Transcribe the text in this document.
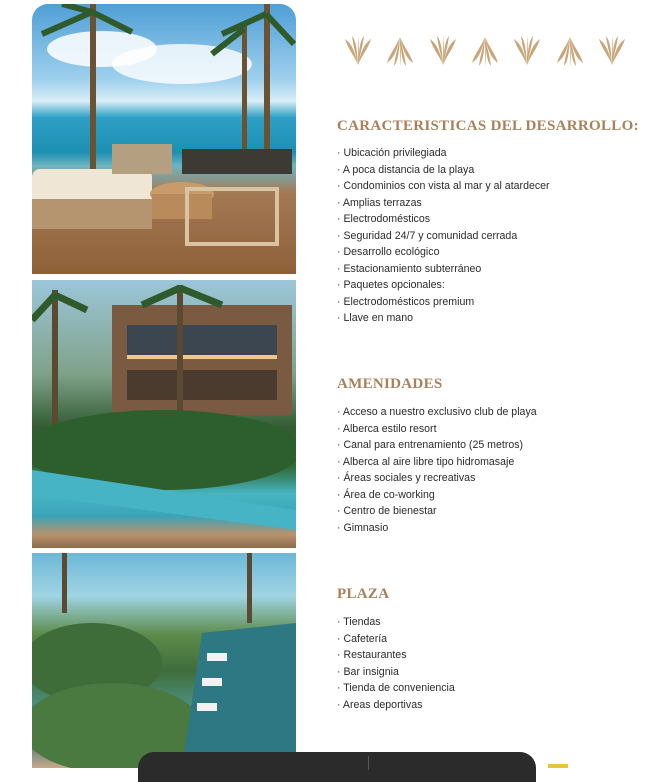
CARACTERISTICAS DEL DESARROLLO:
· Ubicación privilegiada
· A poca distancia de la playa
· Condominios con vista al mar y al atardecer
· Amplias terrazas
· Electrodomésticos
· Seguridad 24/7 y comunidad cerrada
· Desarrollo ecológico
· Estacionamiento subterráneo
· Paquetes opcionales:
· Electrodomésticos premium
· Llave en mano
AMENIDADES
· Acceso a nuestro exclusivo club de playa
· Alberca estilo resort
· Canal para entrenamiento (25 metros)
· Alberca al aire libre tipo hidromasaje
· Áreas sociales y recreativas
· Área de co-working
· Centro de bienestar
· Gimnasio
PLAZA
· Tiendas
· Cafetería
· Restaurantes
· Bar insignia
· Tienda de conveniencia
· Areas deportivas
